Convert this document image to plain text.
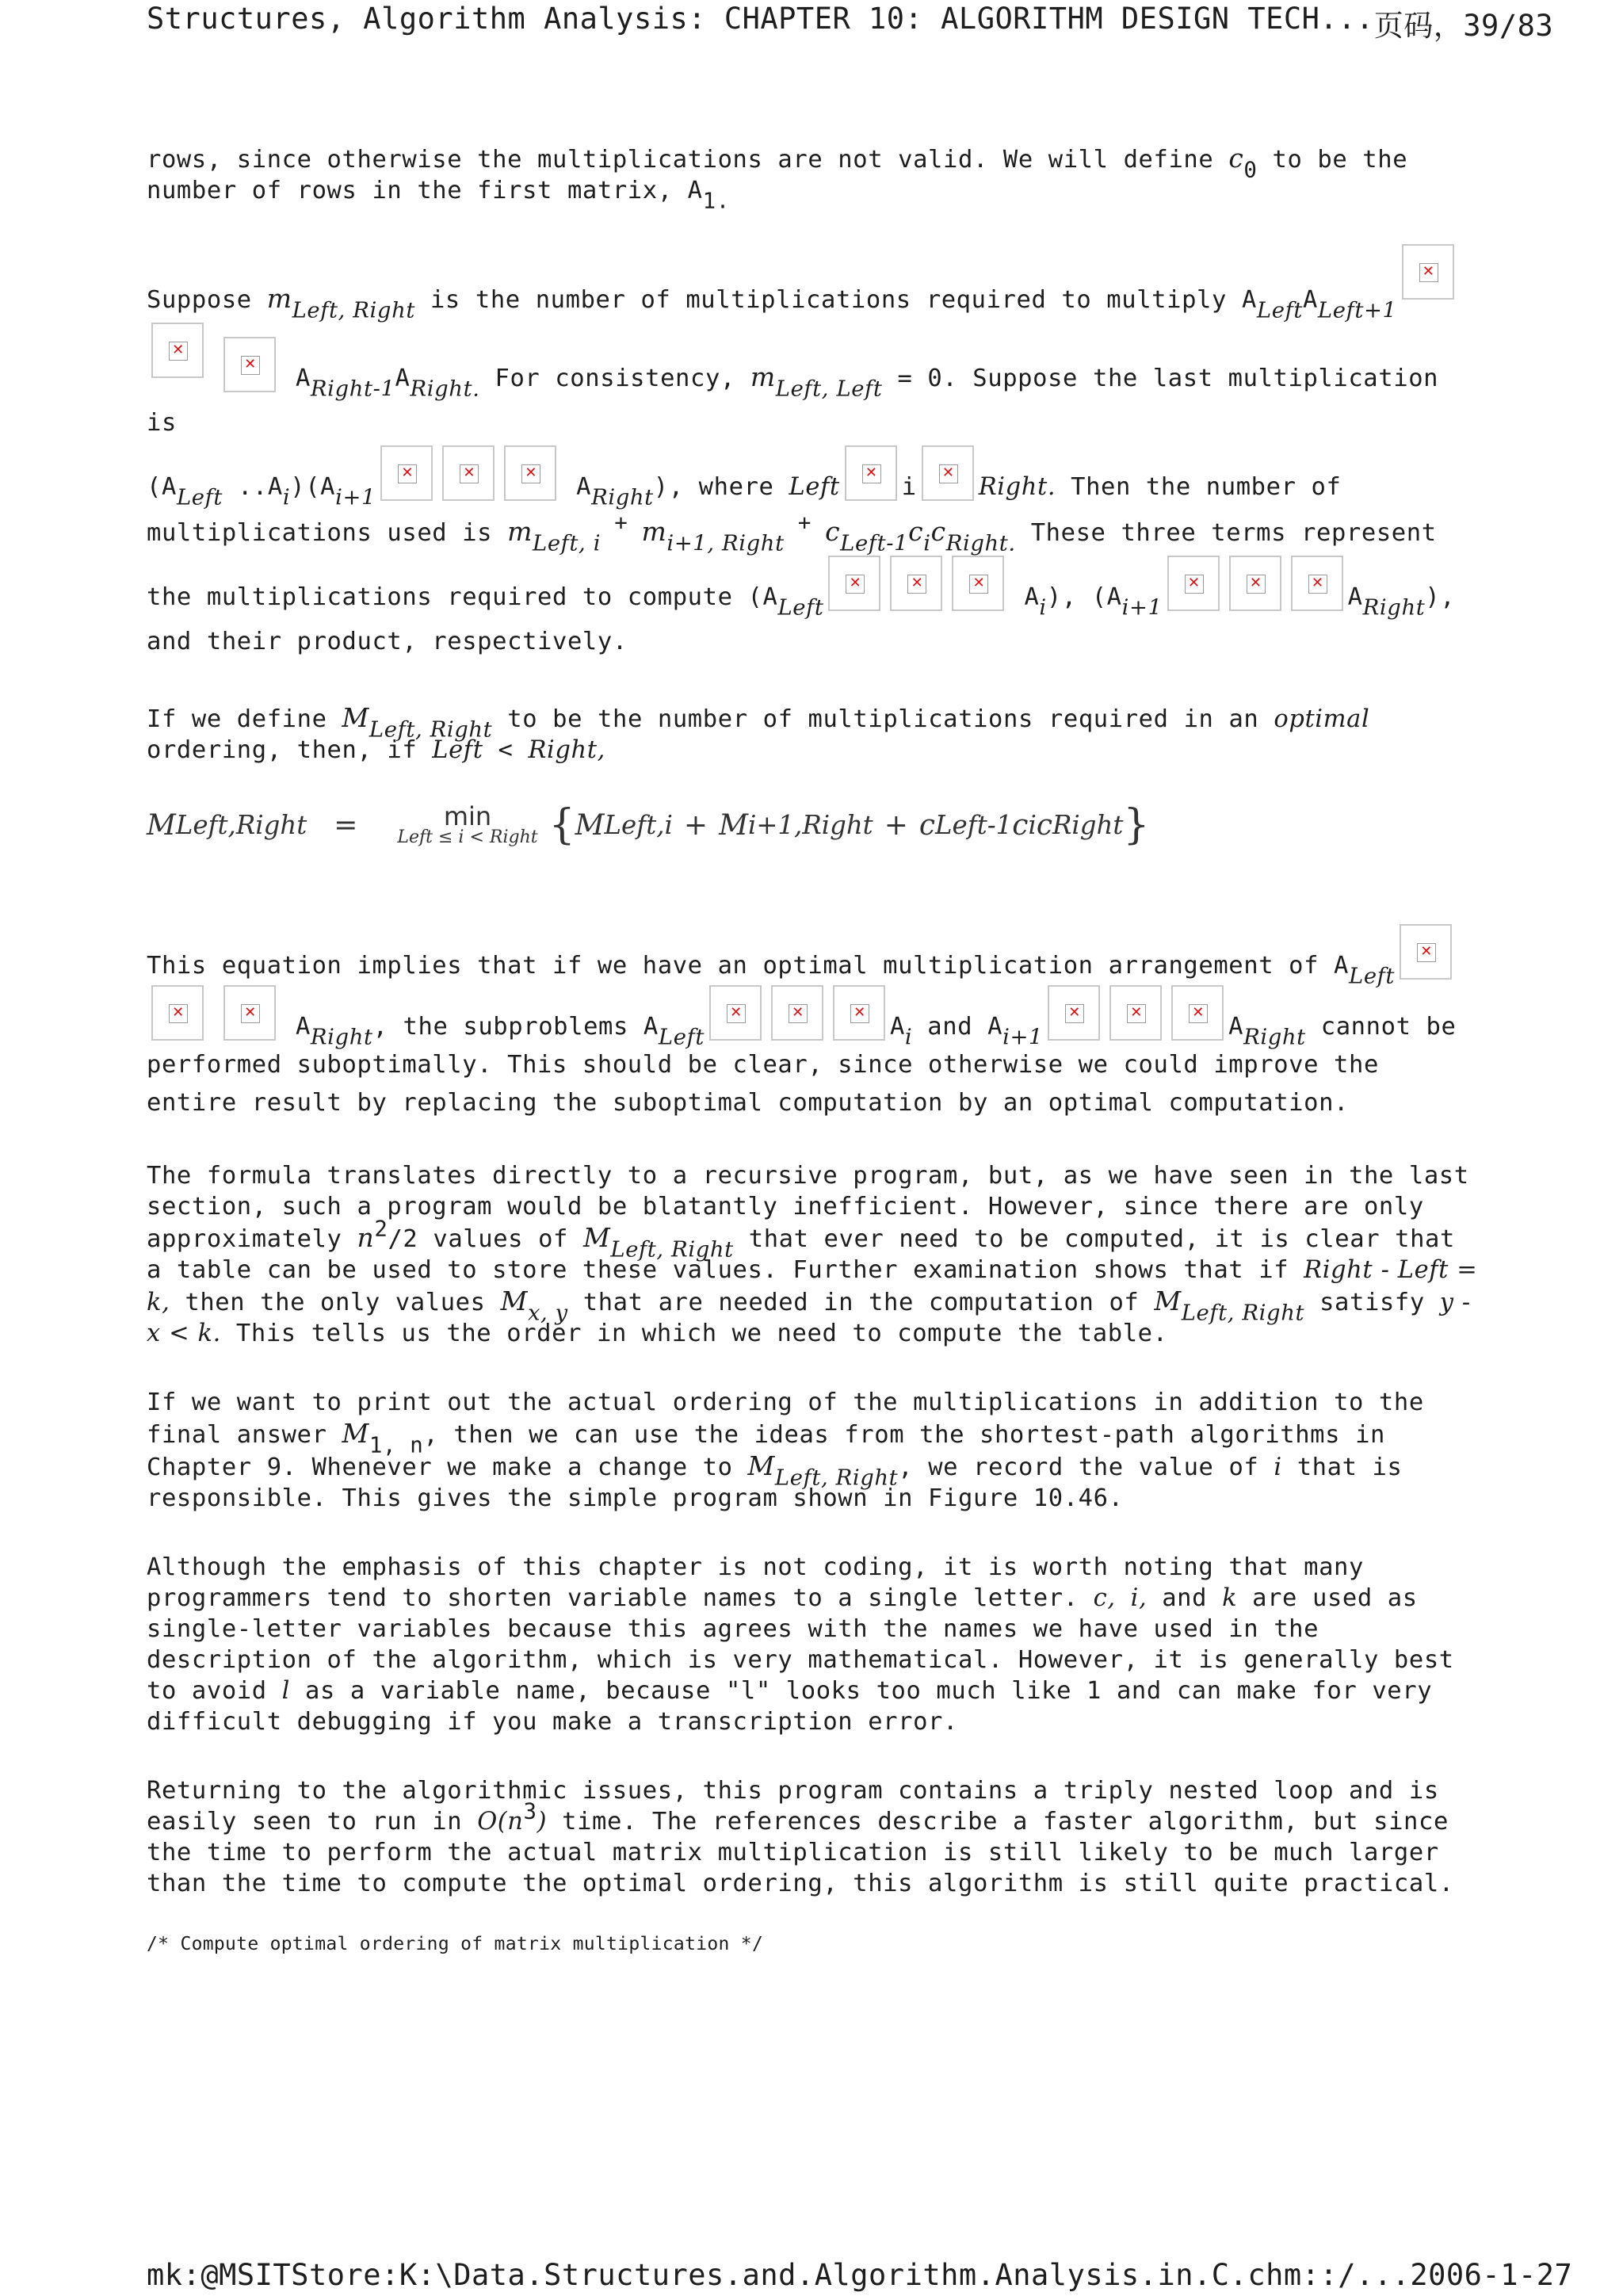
Structures, Algorithm Analysis: CHAPTER 10: ALGORITHM DESIGN TECH... 页码，39/83

rows, since otherwise the multiplications are not valid. We will define $c_0$ to be the number of rows in the first matrix, $A_{1.}$

Suppose $m_{Left, Right}$ is the number of multiplications required to multiply $A_{Left}A_{Left+1}✕✕$ ✕ $A_{Right-1}A_{Right.}$ For consistency, $m_{Left, Left} = 0$. Suppose the last multiplication is
($A_{Left}$ $..A_i)(A_{i+1}✕✕✕$	$A_{Right}$), where Left✕	i✕	Right. Then the number of multiplications used is $m_{Left, i}$ + $m_{i+1, Right}$ + $c_{Left-1}c_ic_{Right.}$ These three terms represent the multiplications required to compute ($A_{Left}✕✕✕$	$A_i$), ($A_{i+1}✕✕✕$	$A_{Right}$), and their product, respectively.

If we define $M_{Left, Right}$ to be the number of multiplications required in an optimal ordering, then, if Left < Right,

M Left,Right =	min
Left ≤ i < Right { M Left,i + M i+1,Right + c Left-1 c i c Right }

This equation implies that if we have an optimal multiplication arrangement of $A_{Left}✕✕$ ✕ $A_{Right}$, the subproblems $A_{Left}✕✕✕$	$A_i$ and $A_{i+1}✕✕✕$	$A_{Right}$ cannot be performed suboptimally. This should be clear, since otherwise we could improve the entire result by replacing the suboptimal computation by an optimal computation.

The formula translates directly to a recursive program, but, as we have seen in the last section, such a program would be blatantly inefficient. However, since there are only approximately $n^2/2$ values of $M_{Left, Right}$ that ever need to be computed, it is clear that a table can be used to store these values. Further examination shows that if Right - Left = k, then the only values $M_{x, y}$ that are needed in the computation of $M_{Left, Right}$ satisfy y - x < k. This tells us the order in which we need to compute the table.

If we want to print out the actual ordering of the multiplications in addition to the final answer $M_{1, n}$, then we can use the ideas from the shortest-path algorithms in Chapter 9. Whenever we make a change to $M_{Left, Right}$, we record the value of i that is responsible. This gives the simple program shown in Figure 10.46.

Although the emphasis of this chapter is not coding, it is worth noting that many programmers tend to shorten variable names to a single letter. c, i, and k are used as single-letter variables because this agrees with the names we have used in the description of the algorithm, which is very mathematical. However, it is generally best to avoid l as a variable name, because "l" looks too much like 1 and can make for very difficult debugging if you make a transcription error.

Returning to the algorithmic issues, this program contains a triply nested loop and is easily seen to run in $O(n^3)$ time. The references describe a faster algorithm, but since the time to perform the actual matrix multiplication is still likely to be much larger than the time to compute the optimal ordering, this algorithm is still quite practical.

/* Compute optimal ordering of matrix multiplication */
mk:@MSITStore:K:\Data.Structures.and.Algorithm.Analysis.in.C.chm::/... 2006-1-27
